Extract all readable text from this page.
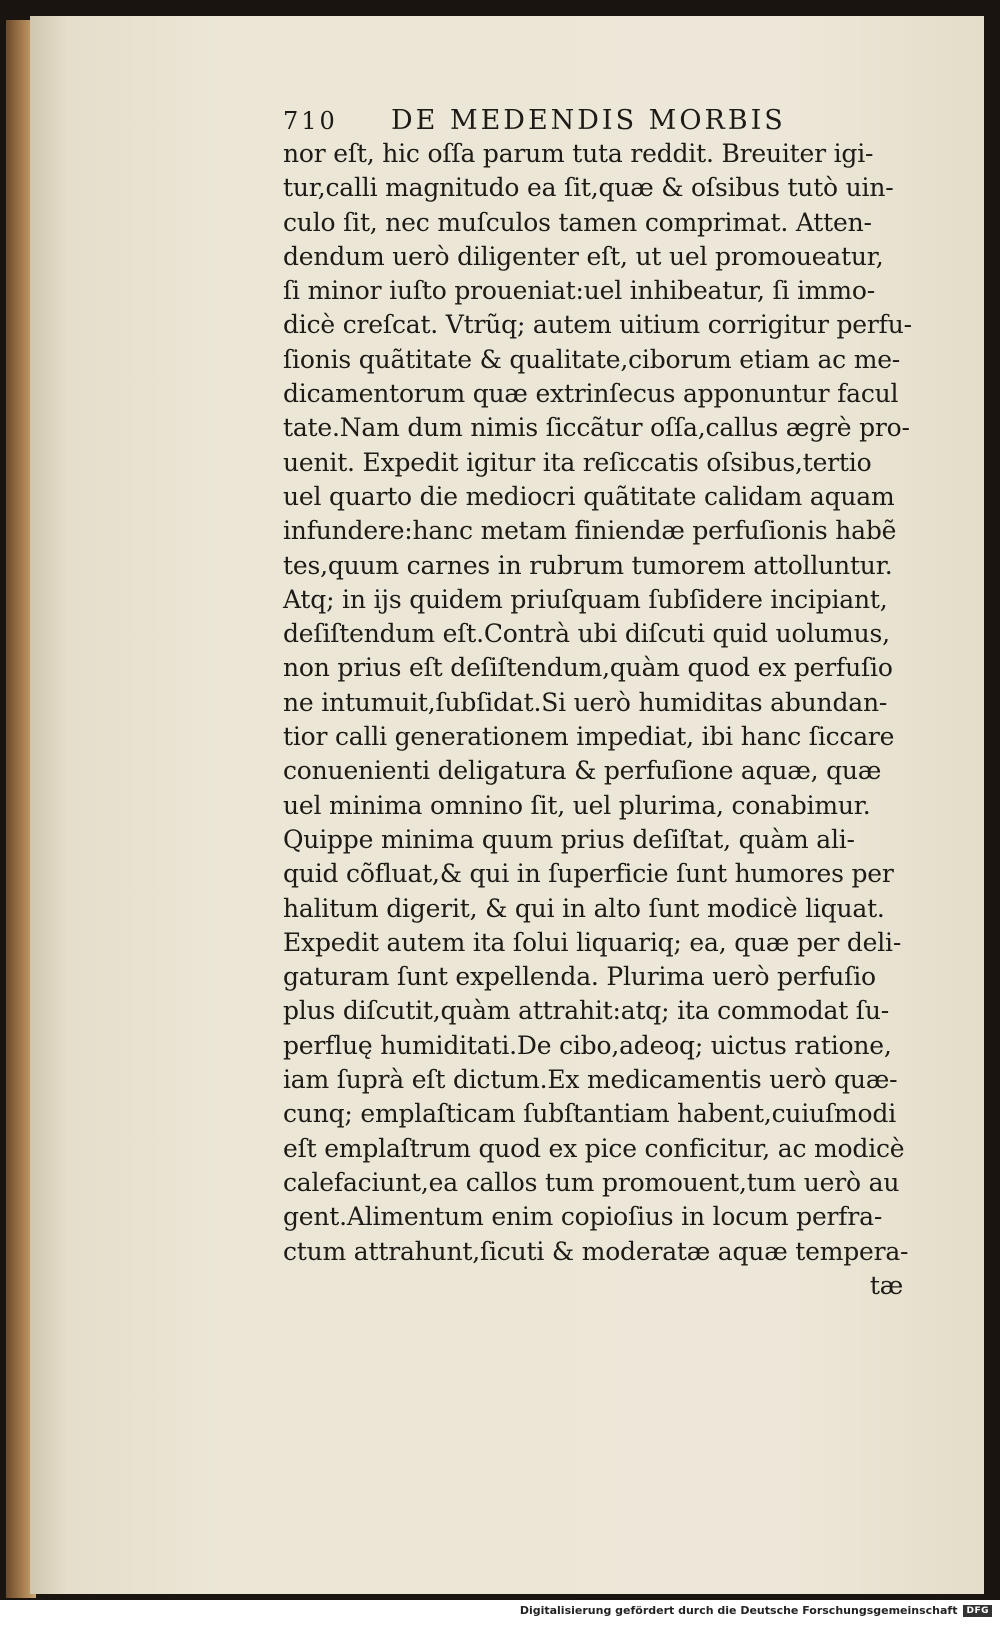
710	DE MEDENDIS MORBIS
nor eſt, hic oſſa parum tuta reddit. Breuiter igi-
tur,calli magnitudo ea ſit,quæ & oſsibus tutò uin-
culo ſit, nec muſculos tamen comprimat. Atten-
dendum uerò diligenter eſt, ut uel promoueatur,
ſi minor iuſto proueniat:uel inhibeatur, ſi immo-
dicè creſcat. Vtrũq; autem uitium corrigitur perfu-
ſionis quãtitate & qualitate,ciborum etiam ac me-
dicamentorum quæ extrinſecus apponuntur facul
tate.Nam dum nimis ſiccãtur oſſa,callus ægrè pro-
uenit. Expedit igitur ita reſiccatis oſsibus,tertio
uel quarto die mediocri quãtitate calidam aquam
infundere:hanc metam finiendæ perfuſionis habẽ
tes,quum carnes in rubrum tumorem attolluntur.
Atq; in ijs quidem priuſquam ſubſidere incipiant,
deſiſtendum eſt.Contrà ubi diſcuti quid uolumus,
non prius eſt deſiſtendum,quàm quod ex perfuſio
ne intumuit,ſubſidat.Si uerò humiditas abundan-
tior calli generationem impediat, ibi hanc ſiccare
conuenienti deligatura & perfuſione aquæ, quæ
uel minima omnino ſit, uel plurima, conabimur.
Quippe minima quum prius deſiſtat, quàm ali-
quid cõfluat,& qui in ſuperficie ſunt humores per
halitum digerit, & qui in alto ſunt modicè liquat.
Expedit autem ita ſolui liquariq; ea, quæ per deli-
gaturam ſunt expellenda. Plurima uerò perfuſio
plus diſcutit,quàm attrahit:atq; ita commodat ſu-
perfluę humiditati.De cibo,adeoq; uictus ratione,
iam ſuprà eſt dictum.Ex medicamentis uerò quæ-
cunq; emplaſticam ſubſtantiam habent,cuiuſmodi
eſt emplaſtrum quod ex pice conficitur, ac modicè
calefaciunt,ea callos tum promouent,tum uerò au
gent.Alimentum enim copioſius in locum perfra-
ctum attrahunt,ſicuti & moderatæ aquæ tempera-
tæ
Digitalisierung gefördert durch die Deutsche Forschungsgemeinschaft	DFG
